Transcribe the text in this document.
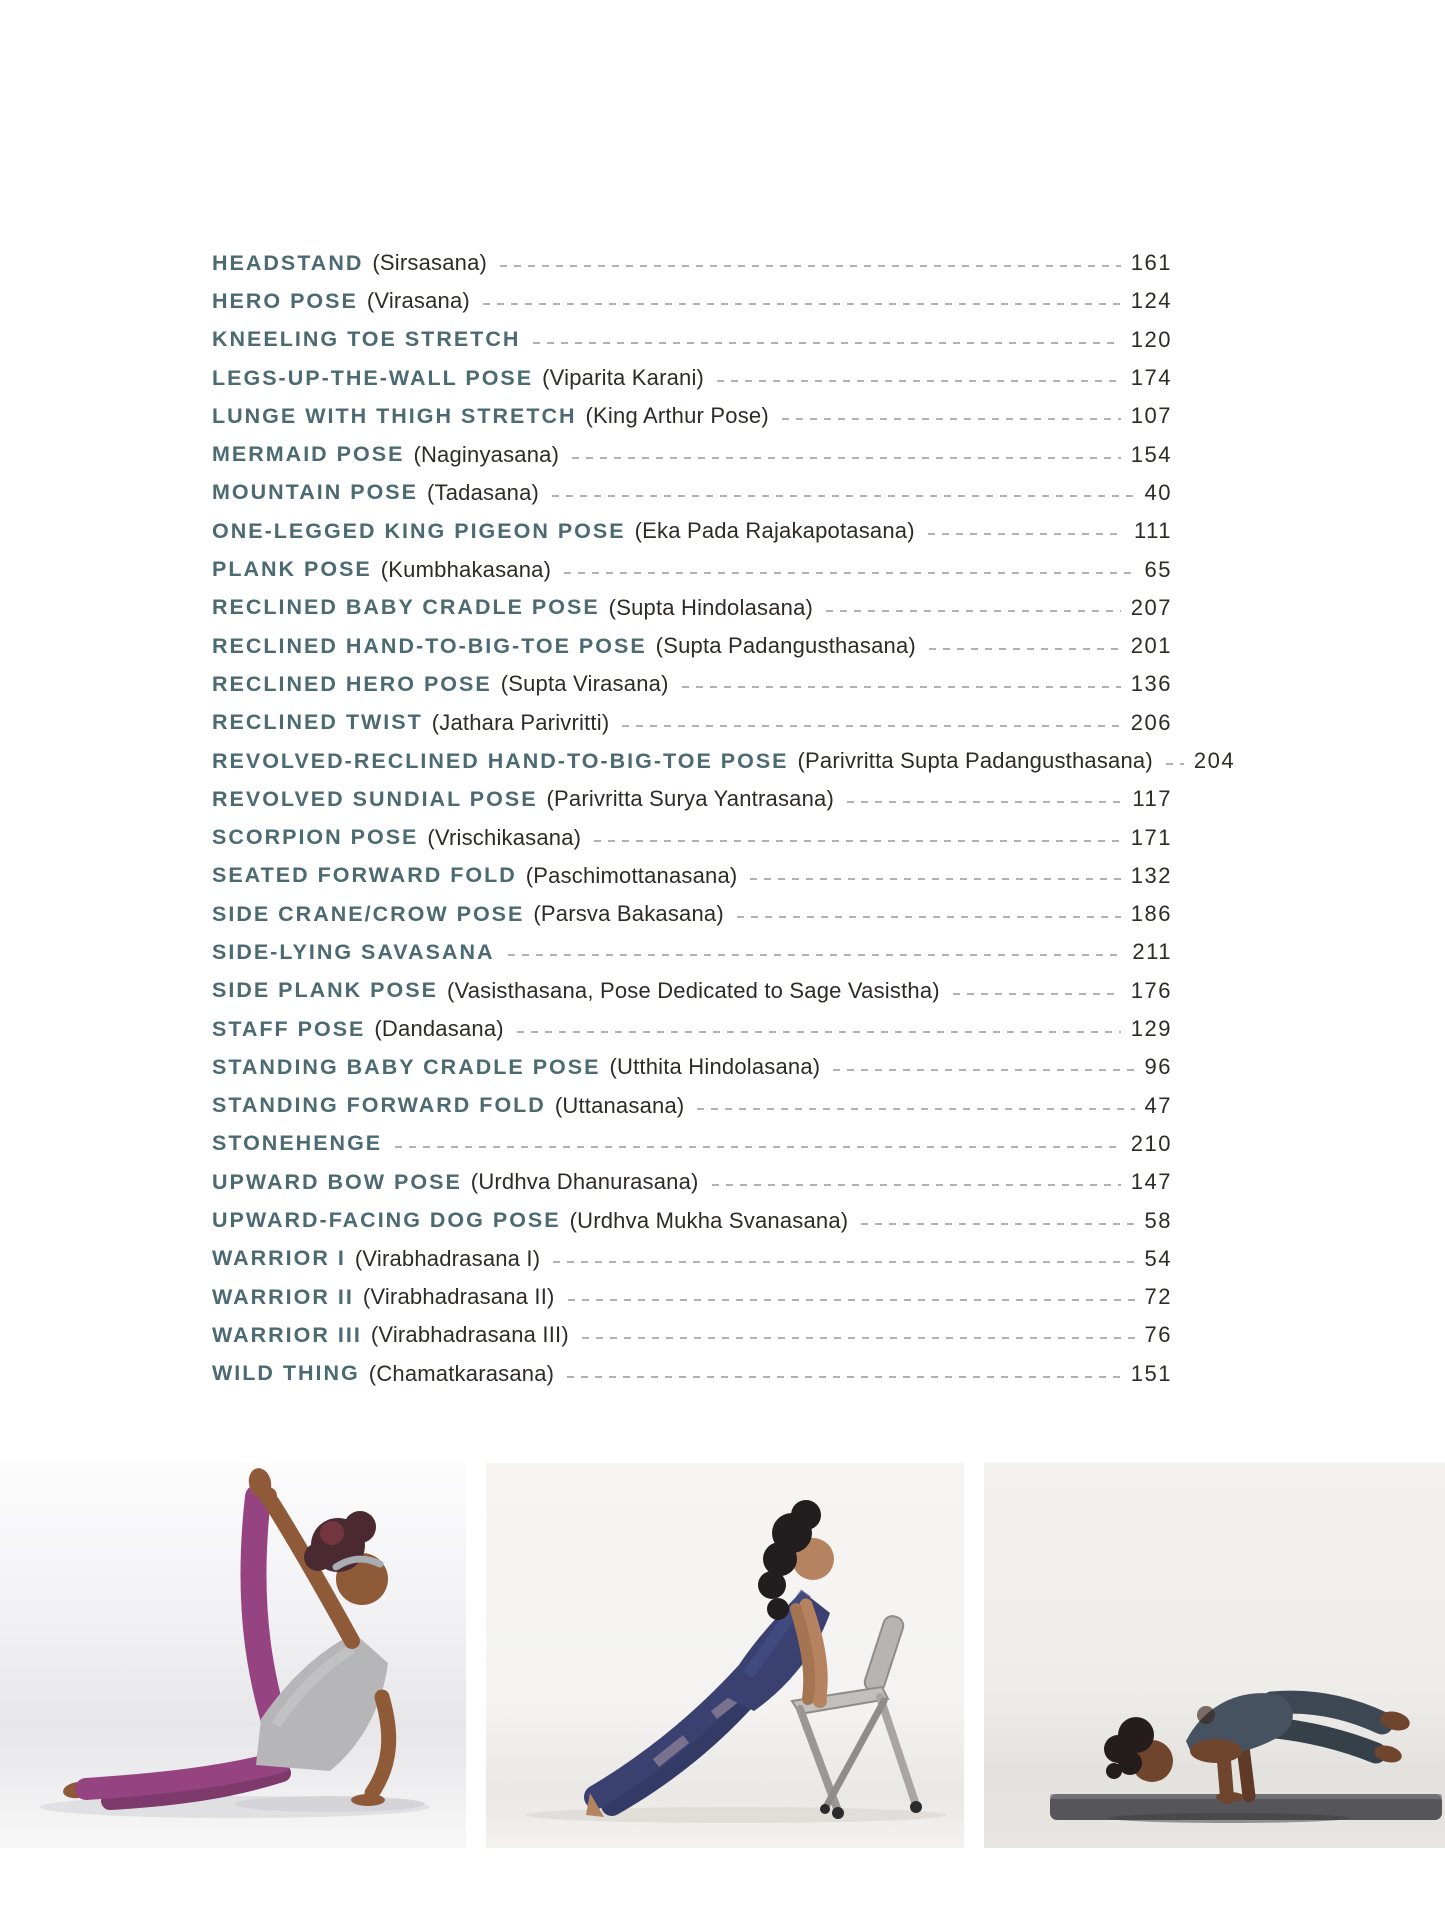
HEADSTAND (Sirsasana)	161
HERO POSE (Virasana)	124
KNEELING TOE STRETCH	120
LEGS-UP-THE-WALL POSE (Viparita Karani)	174
LUNGE WITH THIGH STRETCH (King Arthur Pose)	107
MERMAID POSE (Naginyasana)	154
MOUNTAIN POSE (Tadasana)	40
ONE-LEGGED KING PIGEON POSE (Eka Pada Rajakapotasana)	111
PLANK POSE (Kumbhakasana)	65
RECLINED BABY CRADLE POSE (Supta Hindolasana)	207
RECLINED HAND-TO-BIG-TOE POSE (Supta Padangusthasana)	201
RECLINED HERO POSE (Supta Virasana)	136
RECLINED TWIST (Jathara Parivritti)	206
REVOLVED-RECLINED HAND-TO-BIG-TOE POSE (Parivritta Supta Padangusthasana) 204
REVOLVED SUNDIAL POSE (Parivritta Surya Yantrasana)	117
SCORPION POSE (Vrischikasana)	171
SEATED FORWARD FOLD (Paschimottanasana)	132
SIDE CRANE/CROW POSE (Parsva Bakasana)	186
SIDE-LYING SAVASANA	211
SIDE PLANK POSE (Vasisthasana, Pose Dedicated to Sage Vasistha)	176
STAFF POSE (Dandasana)	129
STANDING BABY CRADLE POSE (Utthita Hindolasana)	96
STANDING FORWARD FOLD (Uttanasana)	47
STONEHENGE	210
UPWARD BOW POSE (Urdhva Dhanurasana)	147
UPWARD-FACING DOG POSE (Urdhva Mukha Svanasana)	58
WARRIOR I (Virabhadrasana I)	54
WARRIOR II (Virabhadrasana II)	72
WARRIOR III (Virabhadrasana III)	76
WILD THING (Chamatkarasana)	151
